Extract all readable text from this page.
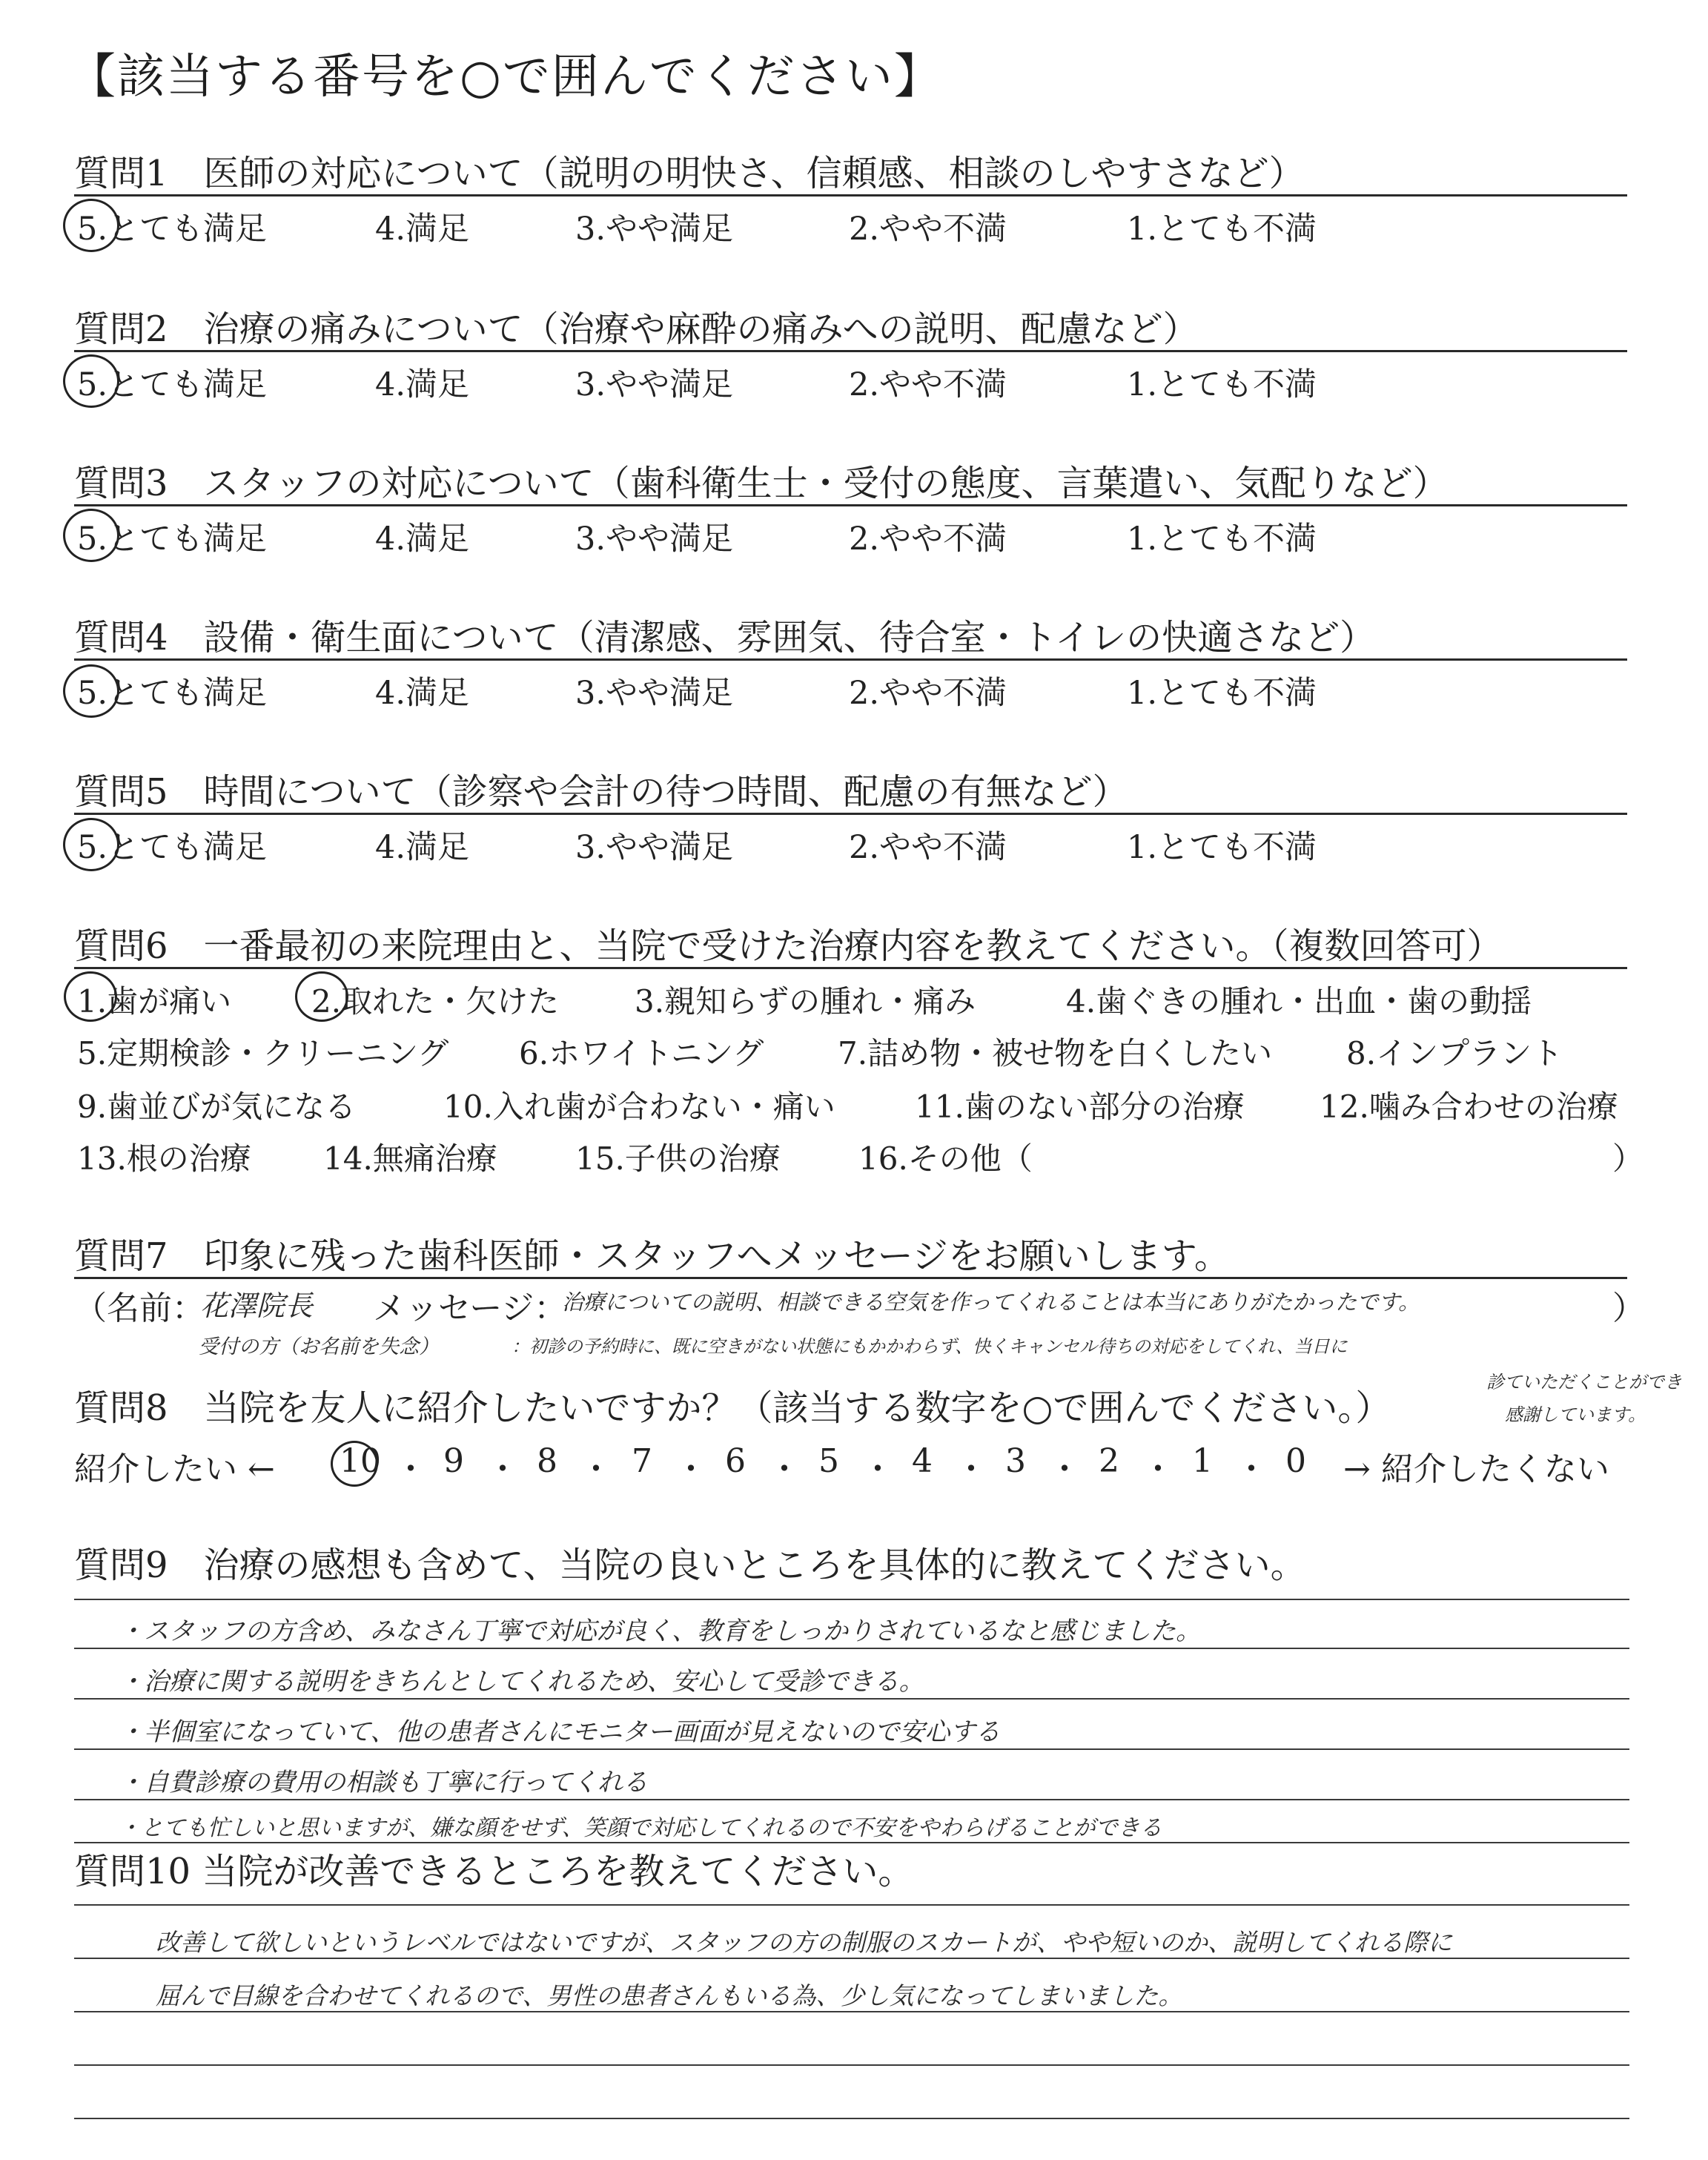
【該当する番号を○で囲んでください】
質問1　医師の対応について（説明の明快さ、信頼感、相談のしやすさなど）
5.とても満足	4.満足	3.やや満足	2.やや不満	1.とても不満
質問2　治療の痛みについて（治療や麻酔の痛みへの説明、配慮など）
5.とても満足	4.満足	3.やや満足	2.やや不満	1.とても不満
質問3　スタッフの対応について（歯科衛生士・受付の態度、言葉遣い、気配りなど）
5.とても満足	4.満足	3.やや満足	2.やや不満	1.とても不満
質問4　設備・衛生面について（清潔感、雰囲気、待合室・トイレの快適さなど）
5.とても満足	4.満足	3.やや満足	2.やや不満	1.とても不満
質問5　時間について（診察や会計の待つ時間、配慮の有無など）
5.とても満足	4.満足	3.やや満足	2.やや不満	1.とても不満
質問6　一番最初の来院理由と、当院で受けた治療内容を教えてください。（複数回答可）
1.歯が痛い	2.取れた・欠けた 3.親知らずの腫れ・痛み	4.歯ぐきの腫れ・出血・歯の動揺
5.定期検診・クリーニング 6.ホワイトニング 7.詰め物・被せ物を白くしたい 8.インプラント
9.歯並びが気になる	10.入れ歯が合わない・痛い	11.歯のない部分の治療 12.噛み合わせの治療
13.根の治療 14.無痛治療	15.子供の治療	16.その他（	）
質問7　印象に残った歯科医師・スタッフへメッセージをお願いします。
（名前：
花澤院長 メッセージ：
治療についての説明、相談できる空気を作ってくれることは本当にありがたかったです。	）
受付の方（お名前を失念）	：初診の予約時に、既に空きがない状態にもかかわらず、快くキャンセル待ちの対応をしてくれ、当日に
診ていただくことができ
感謝しています。
質問8　当院を友人に紹介したいですか？（該当する数字を○で囲んでください。）
紹介したい ← 10 ・ 9 ・ 8 ・ 7 ・ 6 ・ 5 ・ 4 ・ 3 ・ 2 ・ 1 ・ 0 → 紹介したくない
質問9　治療の感想も含めて、当院の良いところを具体的に教えてください。
・スタッフの方含め、みなさん丁寧で対応が良く、教育をしっかりされているなと感じました。
・治療に関する説明をきちんとしてくれるため、安心して受診できる。
・半個室になっていて、他の患者さんにモニター画面が見えないので安心する
・自費診療の費用の相談も丁寧に行ってくれる
・とても忙しいと思いますが、嫌な顔をせず、笑顔で対応してくれるので不安をやわらげることができる
質問10 当院が改善できるところを教えてください。
改善して欲しいというレベルではないですが、スタッフの方の制服のスカートが、やや短いのか、説明してくれる際に
屈んで目線を合わせてくれるので、男性の患者さんもいる為、少し気になってしまいました。
